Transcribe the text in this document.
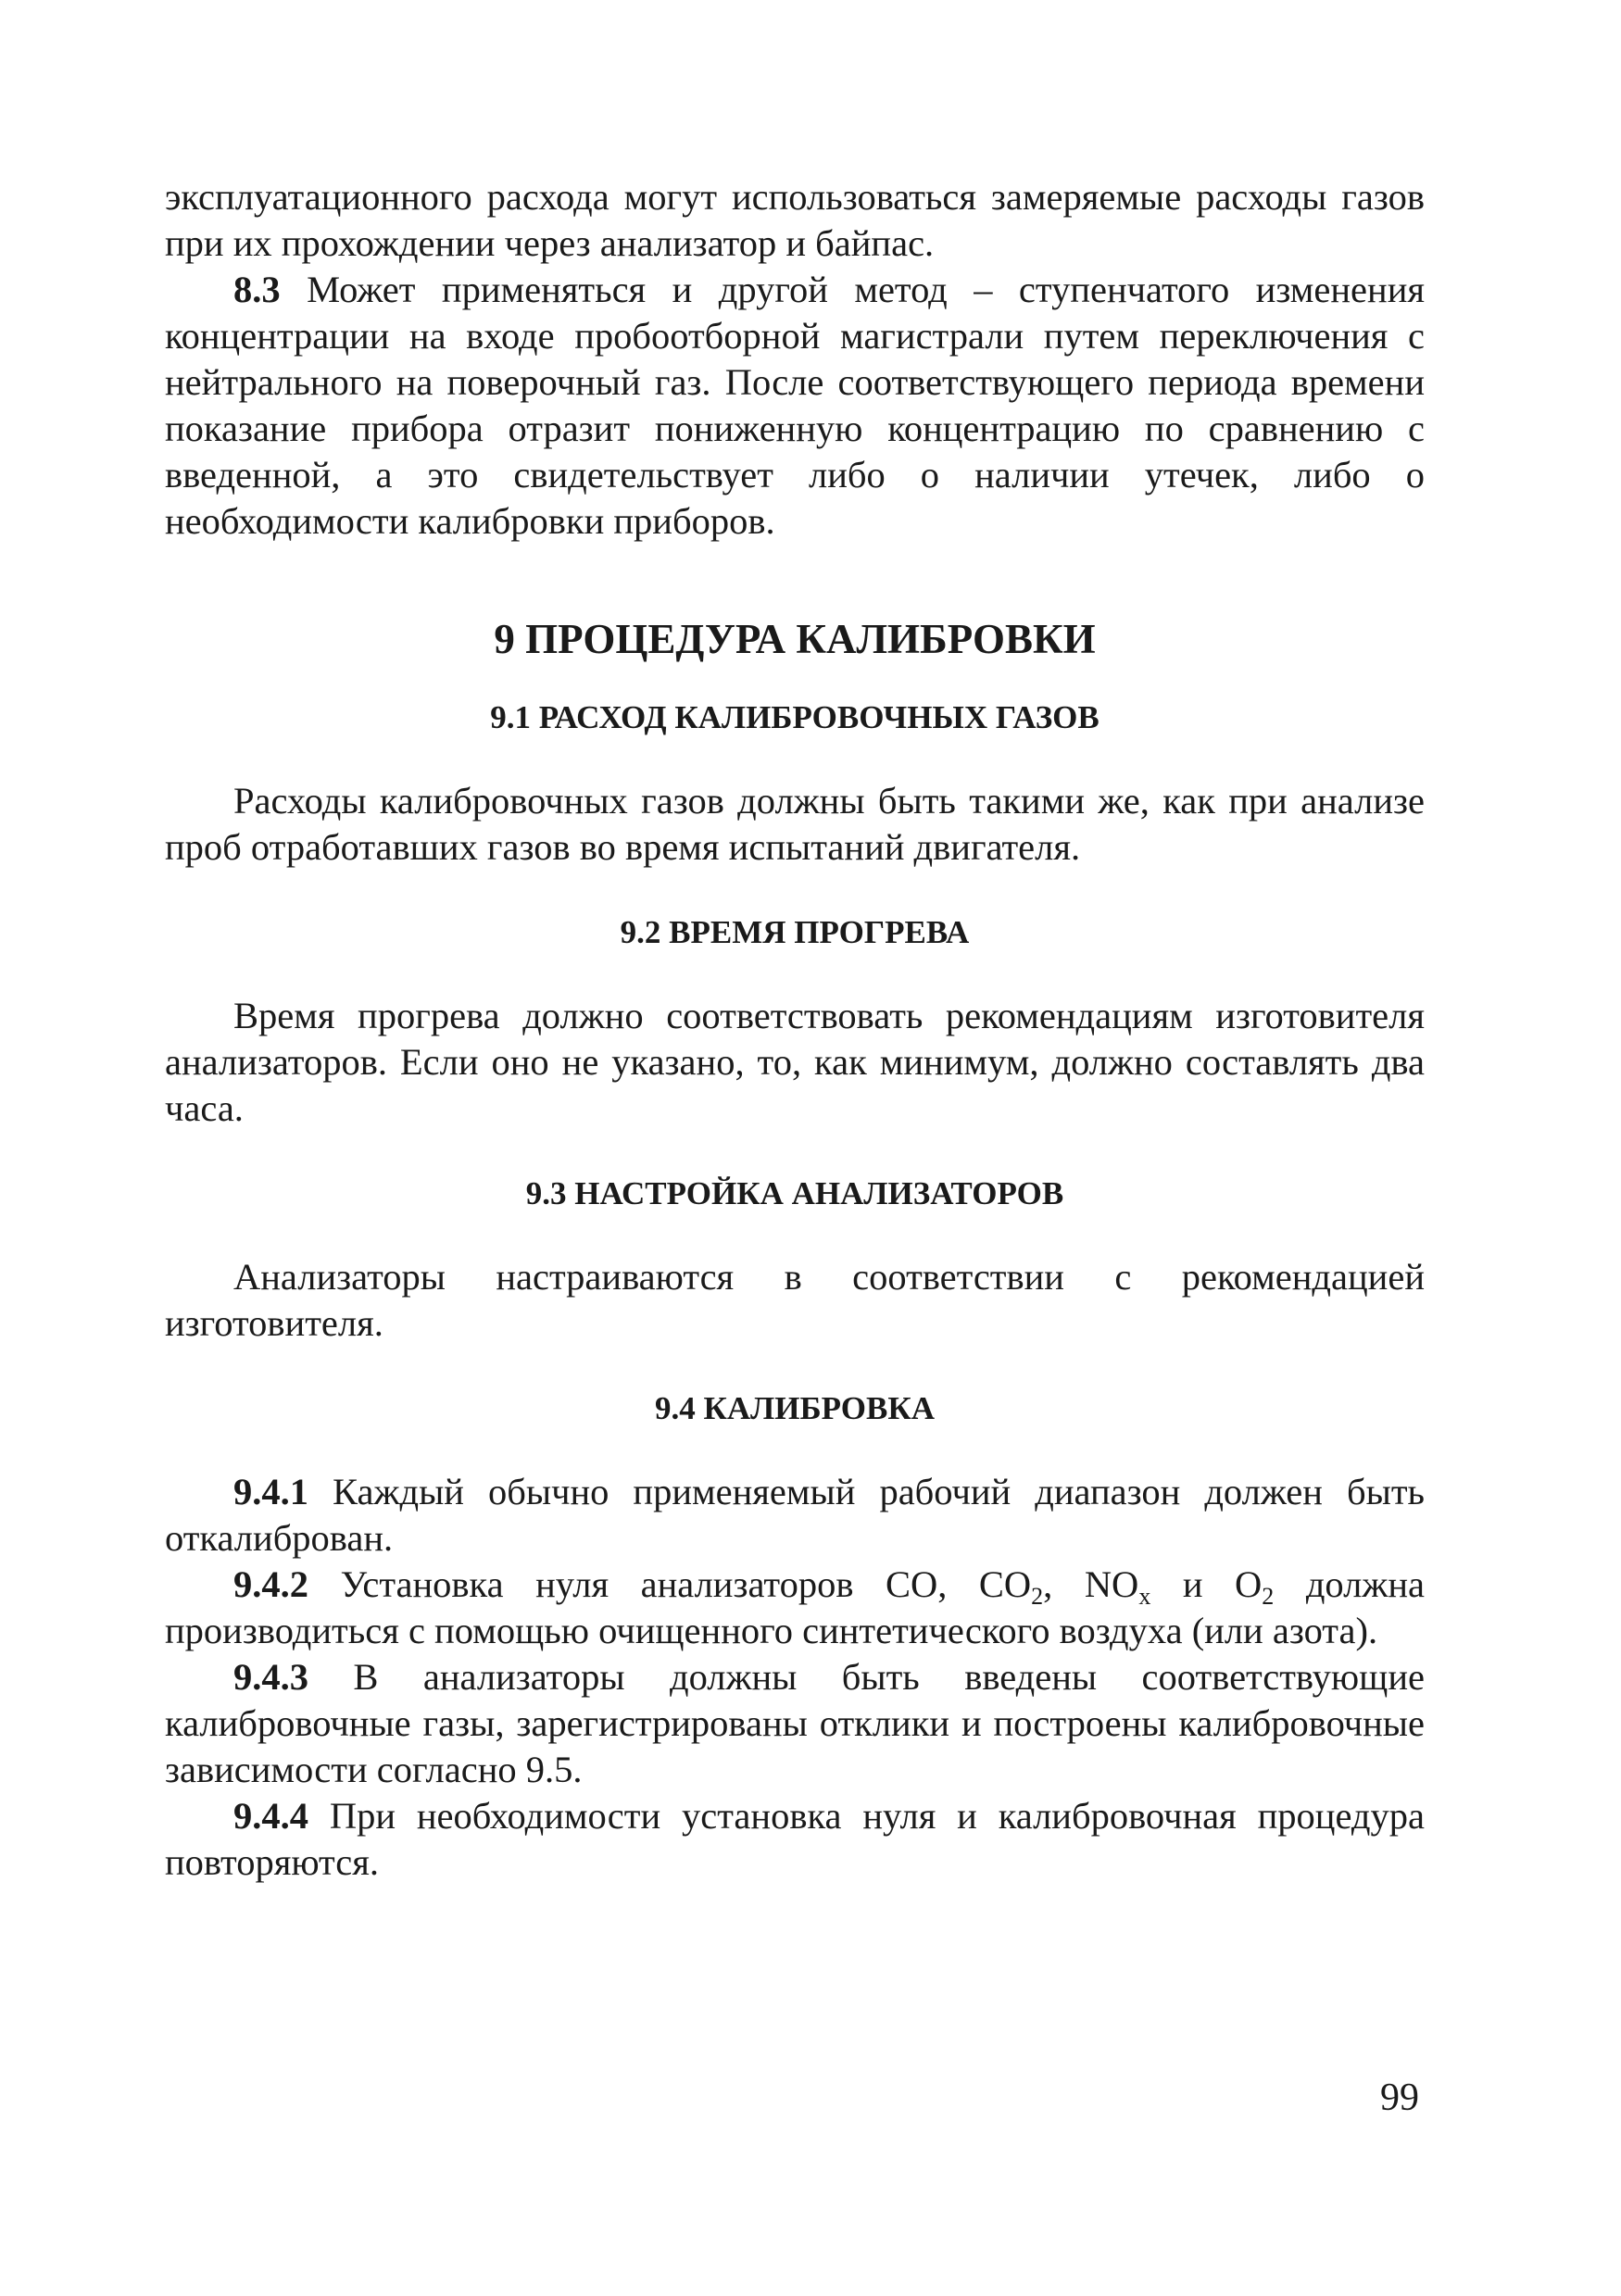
эксплуатационного расхода могут использоваться замеряемые расходы газов при их прохождении через анализатор и байпас.

8.3 Может применяться и другой метод – ступенчатого изменения концентрации на входе пробоотборной магистрали путем переключения с нейтрального на поверочный газ. После соответствующего периода времени показание прибора отразит пониженную концентрацию по сравнению с введенной, а это свидетельствует либо о наличии утечек, либо о необходимости калибровки приборов.

9 ПРОЦЕДУРА КАЛИБРОВКИ
9.1 РАСХОД КАЛИБРОВОЧНЫХ ГАЗОВ

Расходы калибровочных газов должны быть такими же, как при анализе проб отработавших газов во время испытаний двигателя.

9.2 ВРЕМЯ ПРОГРЕВА

Время прогрева должно соответствовать рекомендациям изготовителя анализаторов. Если оно не указано, то, как минимум, должно составлять два часа.

9.3 НАСТРОЙКА АНАЛИЗАТОРОВ

Анализаторы настраиваются в соответствии с рекомендацией изготовителя.

9.4 КАЛИБРОВКА

9.4.1 Каждый обычно применяемый рабочий диапазон должен быть откалиброван.

9.4.2 Установка нуля анализаторов CO, $CO_2$, $NO_x$ и $O_2$ должна производиться с помощью очищенного синтетического воздуха (или азота).

9.4.3 В анализаторы должны быть введены соответствующие калибровочные газы, зарегистрированы отклики и построены калибровочные зависимости согласно 9.5.

9.4.4 При необходимости установка нуля и калибровочная процедура повторяются.

99
